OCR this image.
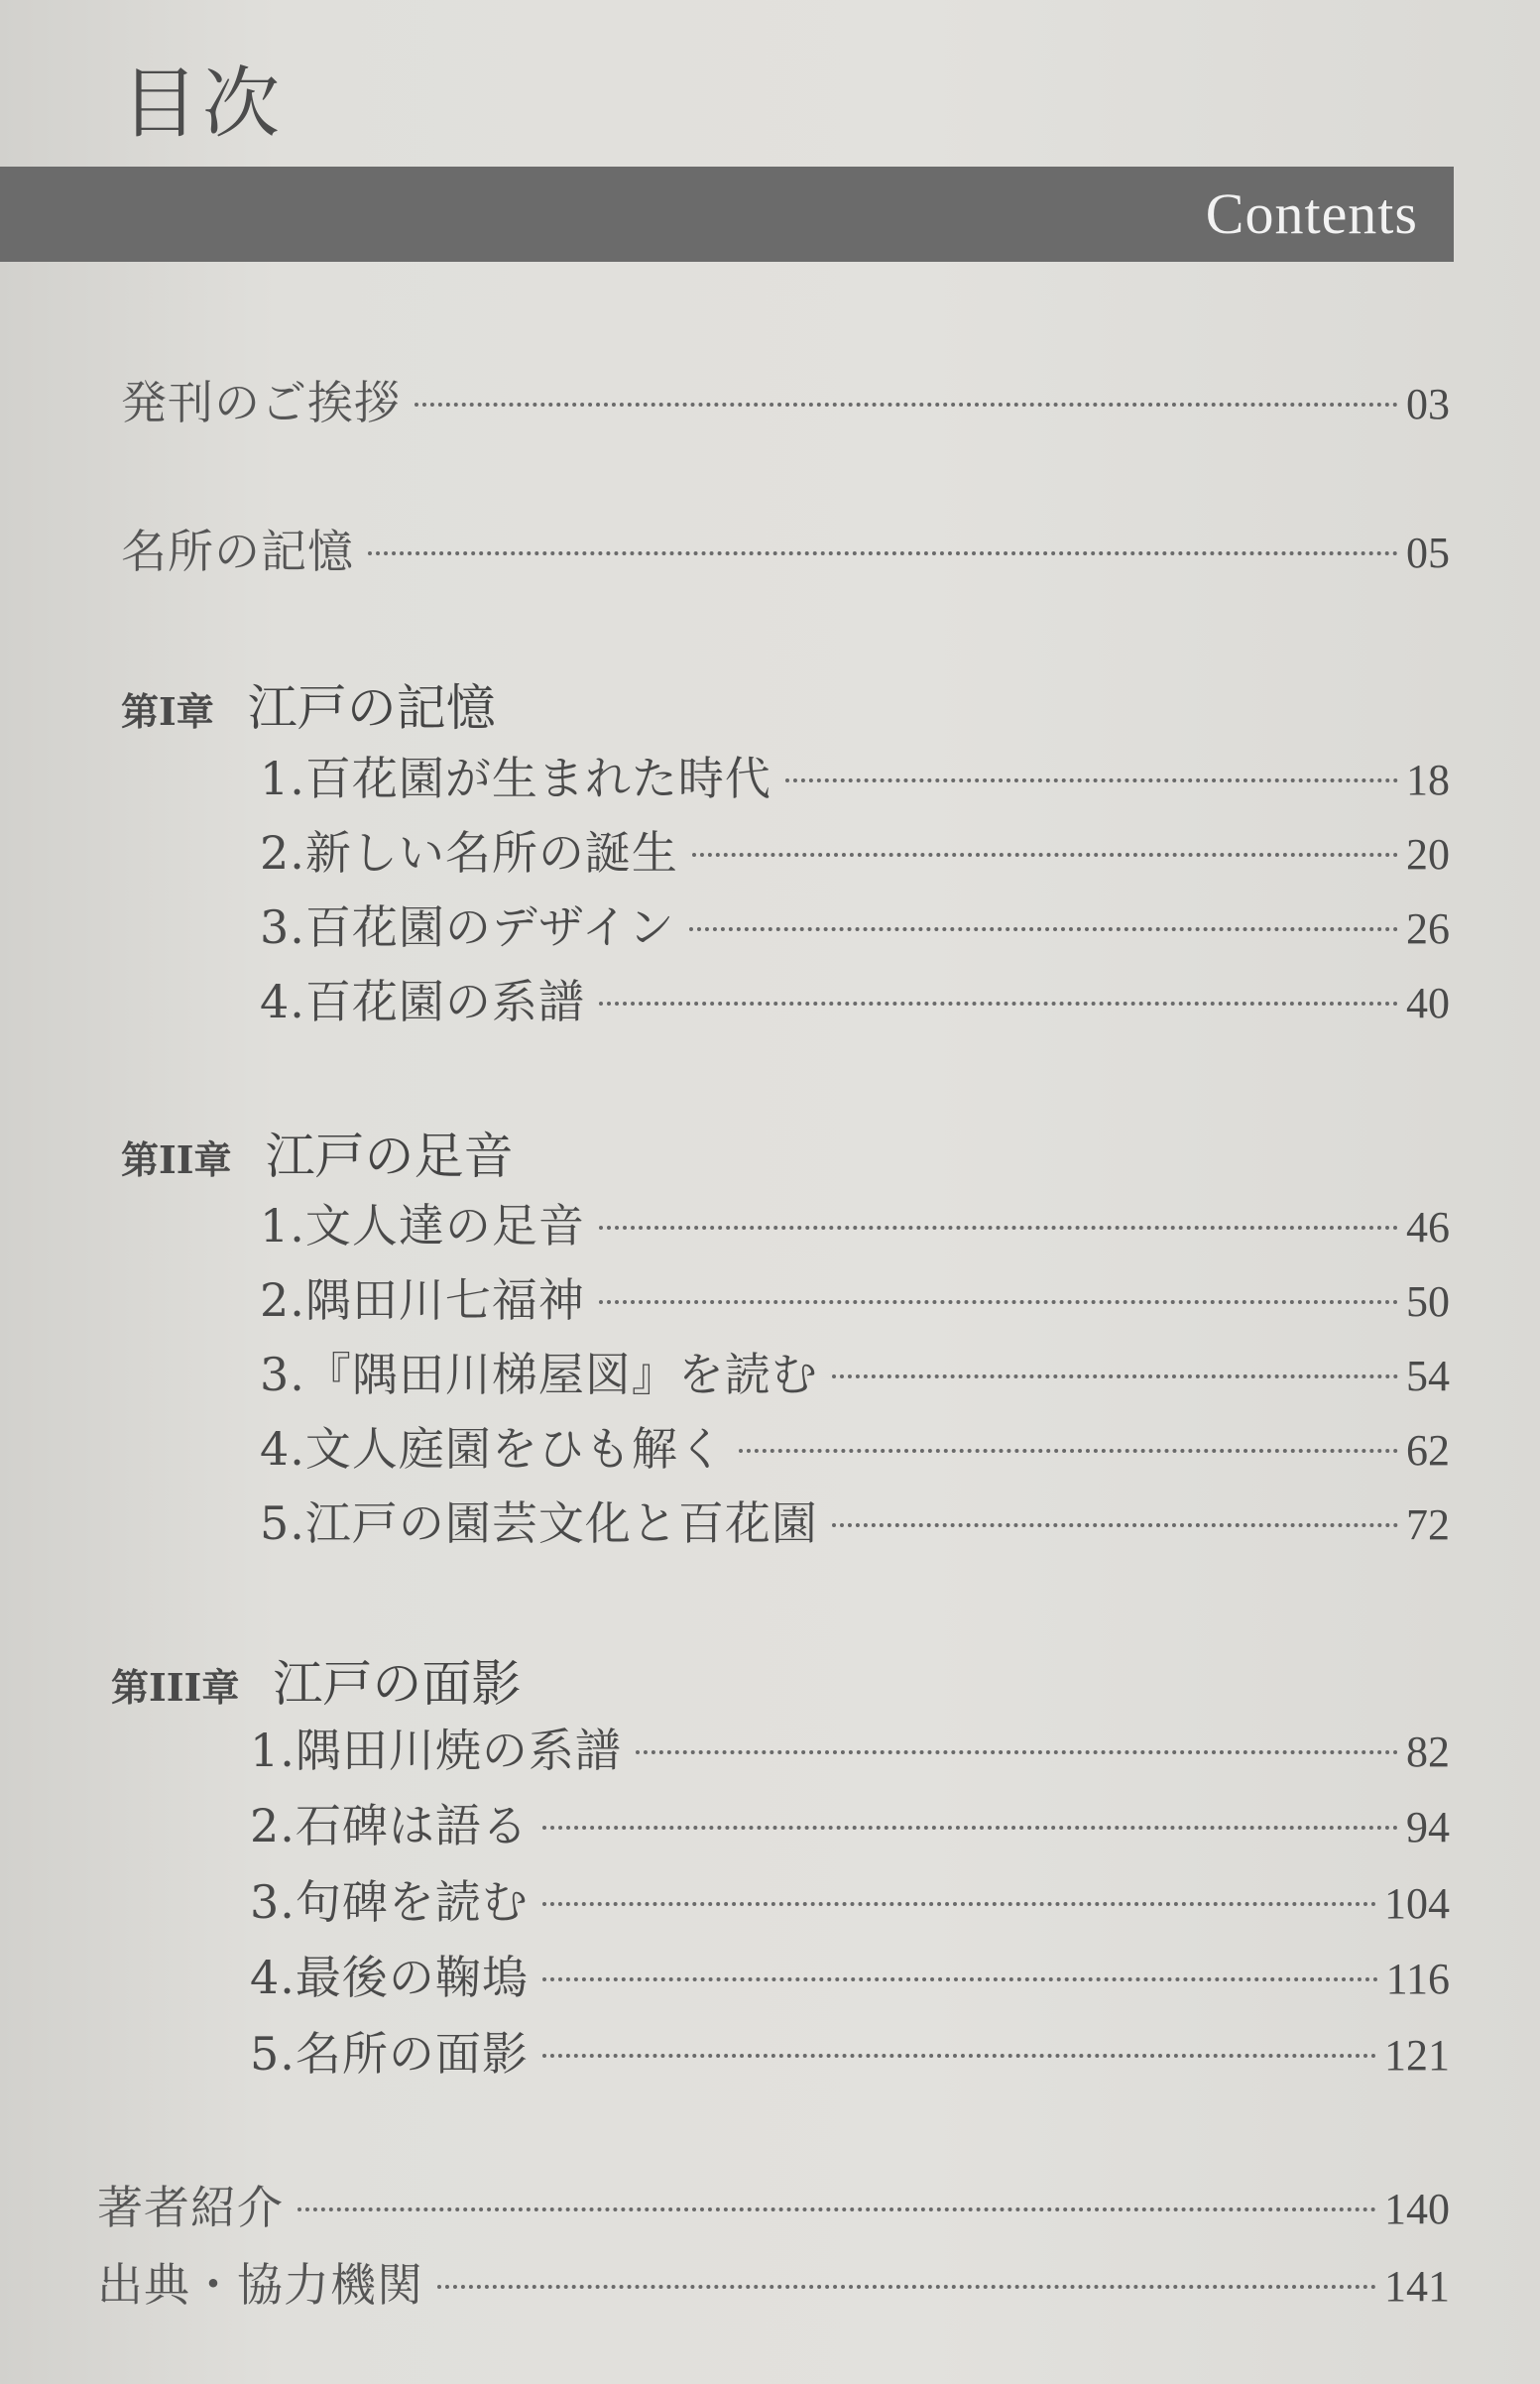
目次
Contents
発刊のご挨拶	03
名所の記憶	05
第I章 江戸の記憶
1.百花園が生まれた時代	18
2.新しい名所の誕生	20
3.百花園のデザイン	26
4.百花園の系譜	40
第II章 江戸の足音
1.文人達の足音	46
2.隅田川七福神	50
3.『隅田川梯屋図』を読む	54
4.文人庭園をひも解く	62
5.江戸の園芸文化と百花園	72
第III章 江戸の面影
1.隅田川焼の系譜	82
2.石碑は語る	94
3.句碑を読む	104
4.最後の鞠塢	116
5.名所の面影	121
著者紹介	140
出典・協力機関	141
